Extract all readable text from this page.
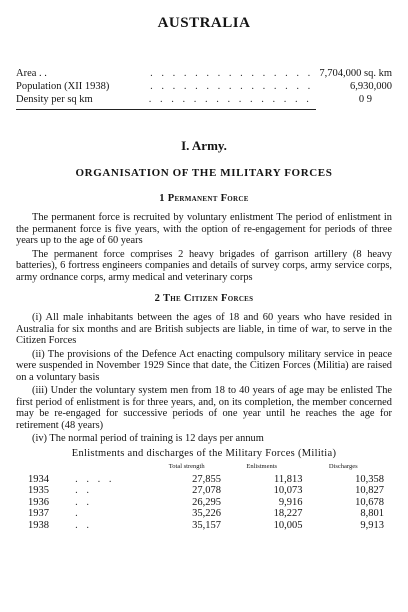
AUSTRALIA
Area . .	. . . . . . . . . . . . . . . 7,704,000 sq. km
Population (XII 1938)	. . . . . . . . . . . . . . .	6,930,000
Density per sq km	. . . . . . . . . . . . . . .	0 9
I. Army.
ORGANISATION OF THE MILITARY FORCES
1 Permanent Force

The permanent force is recruited by voluntary enlistment The period of enlistment in the permanent force is five years, with the option of re-engagement for periods of three years up to the age of 60 years

The permanent force comprises 2 heavy brigades of garrison artillery (8 heavy batteries), 6 fortress engineers companies and details of survey corps, army service corps, army ordnance corps, army medical and veterinary corps

2 The Citizen Forces

(i) All male inhabitants between the ages of 18 and 60 years who have resided in Australia for six months and are British subjects are liable, in time of war, to serve in the Citizen Forces

(ii) The provisions of the Defence Act enacting compulsory military service in peace were suspended in November 1929 Since that date, the Citizen Forces (Militia) are raised on a voluntary basis

(iii) Under the voluntary system men from 18 to 40 years of age may be enlisted The first period of enlistment is for three years, and, on its completion, the member concerned may be re-engaged for successive periods of one year until he reaches the age for retirement (48 years)

(iv) The normal period of training is 12 days per annum

Enlistments and discharges of the Military Forces (Militia)

		Total strength	Enlistments	Discharges
1934	. . . .	27,855	11,813	10,358
1935	. .	27,078	10,073	10,827
1936	. .	26,295	9,916	10,678
1937	.	35,226	18,227	8,801
1938	. .	35,157	10,005	9,913
